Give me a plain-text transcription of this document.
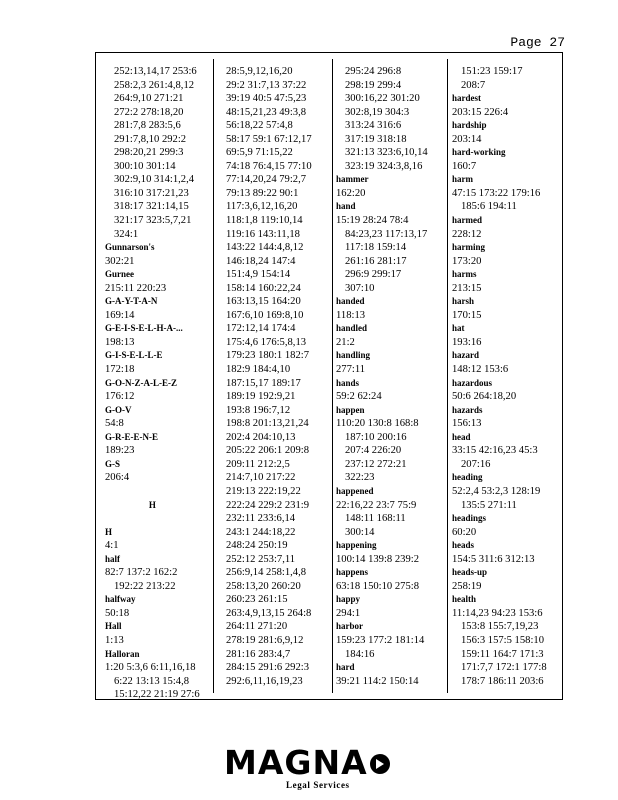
Page 27
252:13,14,17 253:6
258:2,3 261:4,8,12
264:9,10 271:21
272:2 278:18,20
281:7,8 283:5,6
291:7,8,10 292:2
298:20,21 299:3
300:10 301:14
302:9,10 314:1,2,4
316:10 317:21,23
318:17 321:14,15
321:17 323:5,7,21
324:1
Gunnarson's
302:21
Gurnee
215:11 220:23
G-A-Y-T-A-N
169:14
G-E-I-S-E-L-H-A-...
198:13
G-I-S-E-L-L-E
172:18
G-O-N-Z-A-L-E-Z
176:12
G-O-V
54:8
G-R-E-E-N-E
189:23
G-S
206:4
H
H
4:1
half
82:7 137:2 162:2
192:22 213:22
halfway
50:18
Hall
1:13
Halloran
1:20 5:3,6 6:11,16,18
6:22 13:13 15:4,8
15:12,22 21:19 27:6
28:5,9,12,16,20
29:2 31:7,13 37:22
39:19 40:5 47:5,23
48:15,21,23 49:3,8
56:18,22 57:4,8
58:17 59:1 67:12,17
69:5,9 71:15,22
74:18 76:4,15 77:10
77:14,20,24 79:2,7
79:13 89:22 90:1
117:3,6,12,16,20
118:1,8 119:10,14
119:16 143:11,18
143:22 144:4,8,12
146:18,24 147:4
151:4,9 154:14
158:14 160:22,24
163:13,15 164:20
167:6,10 169:8,10
172:12,14 174:4
175:4,6 176:5,8,13
179:23 180:1 182:7
182:9 184:4,10
187:15,17 189:17
189:19 192:9,21
193:8 196:7,12
198:8 201:13,21,24
202:4 204:10,13
205:22 206:1 209:8
209:11 212:2,5
214:7,10 217:22
219:13 222:19,22
222:24 229:2 231:9
232:11 233:6,14
243:1 244:18,22
248:24 250:19
252:12 253:7,11
256:9,14 258:1,4,8
258:13,20 260:20
260:23 261:15
263:4,9,13,15 264:8
264:11 271:20
278:19 281:6,9,12
281:16 283:4,7
284:15 291:6 292:3
292:6,11,16,19,23
295:24 296:8
298:19 299:4
300:16,22 301:20
302:8,19 304:3
313:24 316:6
317:19 318:18
321:13 323:6,10,14
323:19 324:3,8,16
hammer
162:20
hand
15:19 28:24 78:4
84:23,23 117:13,17
117:18 159:14
261:16 281:17
296:9 299:17
307:10
handed
118:13
handled
21:2
handling
277:11
hands
59:2 62:24
happen
110:20 130:8 168:8
187:10 200:16
207:4 226:20
237:12 272:21
322:23
happened
22:16,22 23:7 75:9
148:11 168:11
300:14
happening
100:14 139:8 239:2
happens
63:18 150:10 275:8
happy
294:1
harbor
159:23 177:2 181:14
184:16
hard
39:21 114:2 150:14
151:23 159:17
208:7
hardest
203:15 226:4
hardship
203:14
hard-working
160:7
harm
47:15 173:22 179:16
185:6 194:11
harmed
228:12
harming
173:20
harms
213:15
harsh
170:15
hat
193:16
hazard
148:12 153:6
hazardous
50:6 264:18,20
hazards
156:13
head
33:15 42:16,23 45:3
207:16
heading
52:2,4 53:2,3 128:19
135:5 271:11
headings
60:20
heads
154:5 311:6 312:13
heads-up
258:19
health
11:14,23 94:23 153:6
153:8 155:7,19,23
156:3 157:5 158:10
159:11 164:7 171:3
171:7,7 172:1 177:8
178:7 186:11 203:6
MAGNA
Legal Services
